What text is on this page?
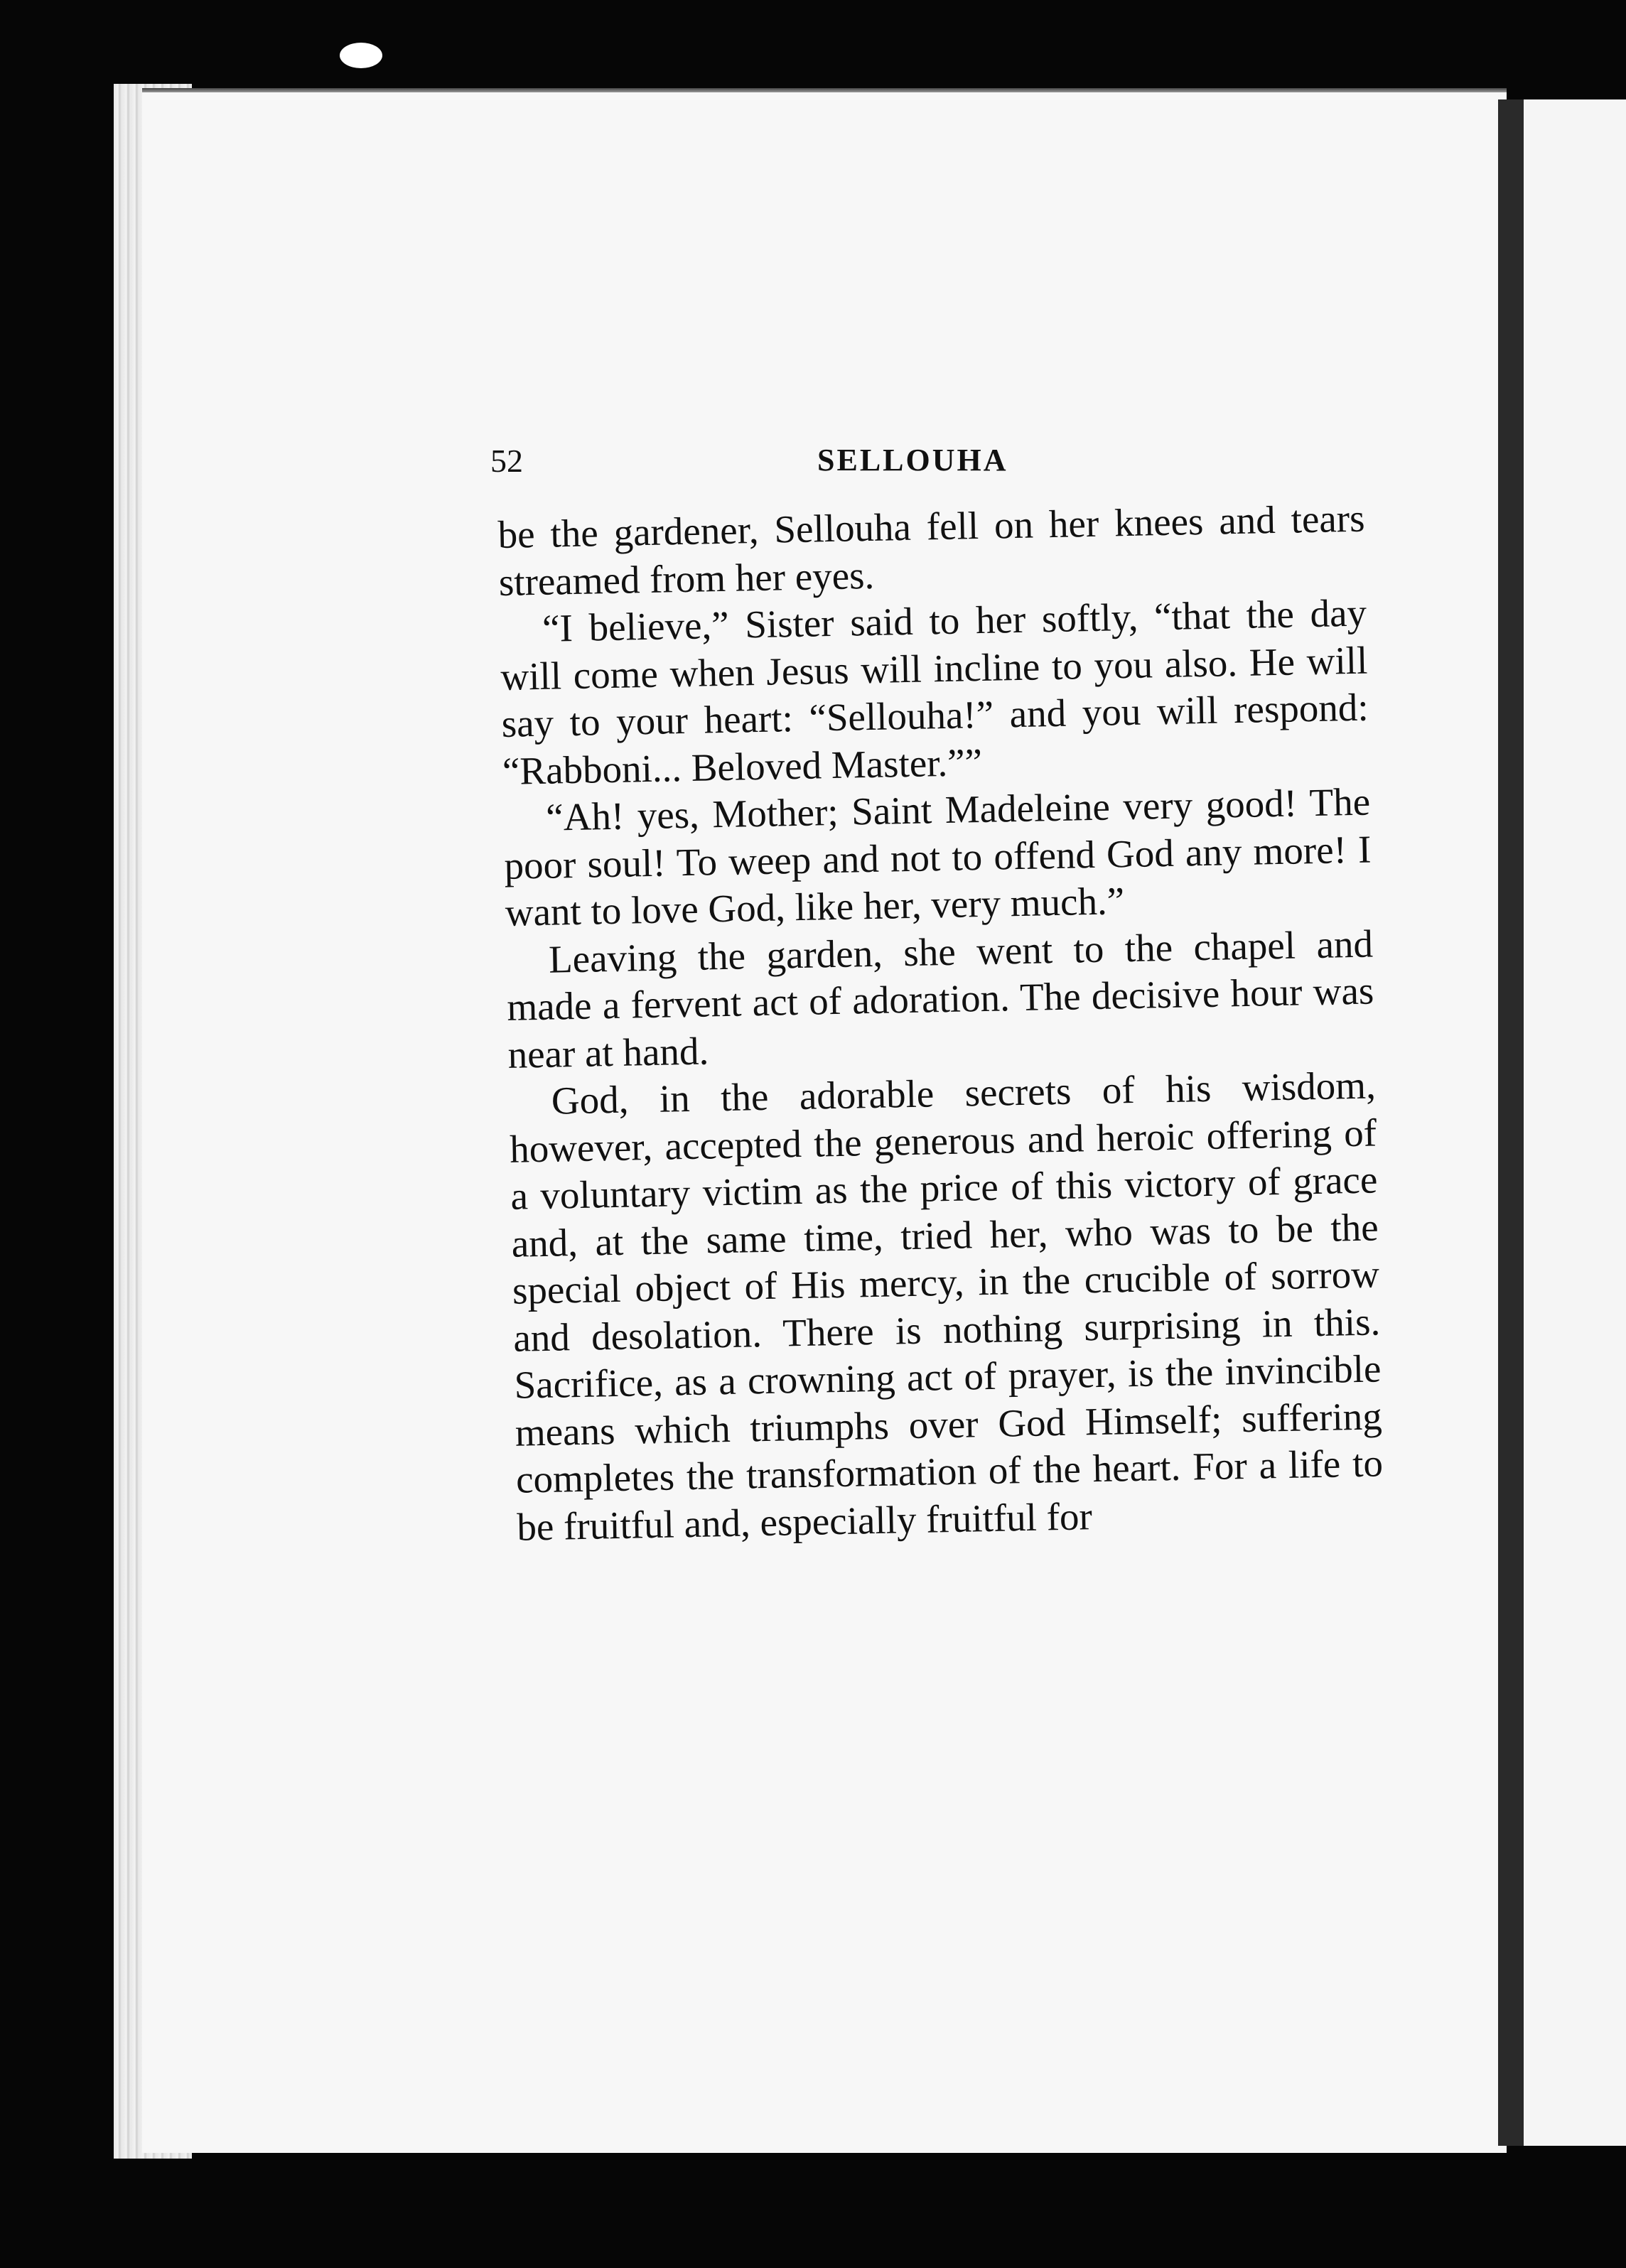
52	SELLOUHA

be the gardener, Sellouha fell on her knees and tears streamed from her eyes.

“I believe,” Sister said to her softly, “that the day will come when Jesus will incline to you also. He will say to your heart: “Sellouha!” and you will respond: “Rabboni... Beloved Master.””

“Ah! yes, Mother; Saint Madeleine very good! The poor soul! To weep and not to offend God any more! I want to love God, like her, very much.”

Leaving the garden, she went to the chapel and made a fervent act of adoration. The decisive hour was near at hand.

God, in the adorable secrets of his wisdom, however, accepted the generous and heroic offering of a voluntary victim as the price of this victory of grace and, at the same time, tried her, who was to be the special object of His mercy, in the crucible of sorrow and desolation. There is nothing surprising in this. Sacrifice, as a crowning act of prayer, is the invincible means which triumphs over God Himself; suffering completes the transformation of the heart. For a life to be fruitful and, especially fruitful for
